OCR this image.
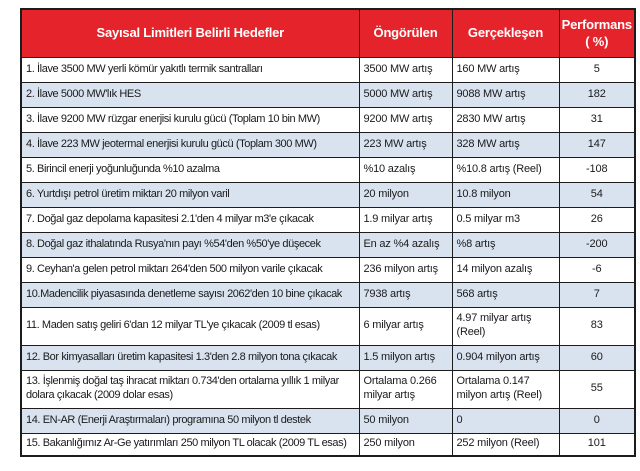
Sayısal Limitleri Belirli Hedefler	Öngörülen	Gerçekleşen	Performans ( %)
1. İlave 3500 MW yerli kömür yakıtlı termik santralları	3500 MW artış	160 MW artış	5
2. İlave 5000 MW'lık HES	5000 MW artış	9088 MW artış	182
3. İlave 9200 MW rüzgar enerjisi kurulu gücü (Toplam 10 bin MW)	9200 MW artış	2830 MW artış	31
4. İlave 223 MW jeotermal enerjisi kurulu gücü (Toplam 300 MW)	223 MW artış	328 MW artış	147
5. Birincil enerji yoğunluğunda %10 azalma	%10 azalış	%10.8 artış (Reel)	-108
6. Yurtdışı petrol üretim miktarı 20 milyon varil	20 milyon	10.8 milyon	54
7. Doğal gaz depolama kapasitesi 2.1'den 4 milyar m3'e çıkacak	1.9 milyar artış	0.5 milyar m3	26
8. Doğal gaz ithalatında Rusya'nın payı %54'den %50'ye düşecek	En az %4 azalış	%8 artış	-200
9. Ceyhan'a gelen petrol miktarı 264'den 500 milyon varile çıkacak	236 milyon artış	14 milyon azalış	-6
10.Madencilik piyasasında denetleme sayısı 2062'den 10 bine çıkacak	7938 artış	568 artış	7
11. Maden satış geliri 6'dan 12 milyar TL'ye çıkacak (2009 tl esas)	6 milyar artış	4.97 milyar artış (Reel)	83
12. Bor kimyasalları üretim kapasitesi 1.3'den 2.8 milyon tona çıkacak	1.5 milyon artış	0.904 milyon artış	60
13. İşlenmiş doğal taş ihracat miktarı 0.734'den ortalama yıllık 1 milyar dolara çıkacak (2009 dolar esas)	Ortalama 0.266 milyar artış	Ortalama 0.147 milyon artış (Reel)	55
14. EN-AR (Enerji Araştırmaları) programına 50 milyon tl destek	50 milyon	0	0
15. Bakanlığımız Ar-Ge yatırımları 250 milyon TL olacak (2009 TL esas)	250 milyon	252 milyon (Reel)	101
